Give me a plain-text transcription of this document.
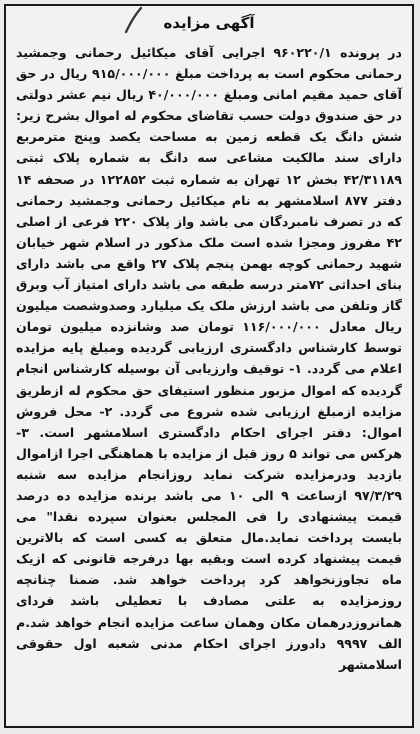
آگهی مزایده

در پرونده ۹۶۰۲۲۰/۱ اجرایی آقای میکائیل رحمانی وجمشید رحمانی محکوم است به پرداخت مبلغ ۹۱۵/۰۰۰/۰۰۰ ریال در حق آقای حمید مقیم امانی ومبلغ ۴۰/۰۰۰/۰۰۰ ریال نیم عشر دولتی در حق صندوق دولت حسب تقاضای محکوم له اموال بشرح زیر: شش دانگ یک قطعه زمین به مساحت یکصد وپنج مترمربع دارای سند مالکیت مشاعی سه دانگ به شماره پلاک ثبتی ۴۲/۳۱۱۸۹ بخش ۱۲ تهران به شماره ثبت ۱۲۲۸۵۲ در صحفه ۱۴ دفتر ۸۷۷ اسلامشهر به نام میکائیل رحمانی وجمشید رحمانی که در تصرف نامبردگان می باشد واز پلاک ۲۲۰ فرعی از اصلی ۴۲ مفروز ومجزا شده است ملک مذکور در اسلام شهر خیابان شهید رحمانی کوچه بهمن پنجم پلاک ۲۷ واقع می باشد دارای بنای احداثی ۷۲متر درسه طبقه می باشد دارای امتیاز آب وبرق گاز وتلفن می باشد ارزش ملک یک میلیارد وصدوشصت میلیون ریال معادل ۱۱۶/۰۰۰/۰۰۰ تومان صد وشانزده میلیون تومان توسط کارشناس دادگستری ارزیابی گردیده ومبلغ پایه مزایده اعلام می گردد. ۱- توقیف وارزیابی آن بوسیله کارشناس انجام گردیده که اموال مزبور منظور استیفای حق محکوم له ازطریق مزایده ازمبلغ ارزیابی شده شروع می گردد. ۲- محل فروش اموال: دفتر اجرای احکام دادگستری اسلامشهر است. ۳- هرکس می تواند ۵ روز قبل از مزایده با هماهنگی اجرا ازاموال بازدید ودرمزایده شرکت نماید روزانجام مزایده سه شنبه ۹۷/۳/۲۹ ازساعت ۹ الی ۱۰ می باشد برنده مزایده ده درصد قیمت پیشنهادی را فی المجلس بعنوان سپرده نقدا" می بایست پرداخت نماید.مال متعلق به کسی است که بالاترین قیمت پیشنهاد کرده است وبقیه بها درفرجه قانونی که ازیک ماه تجاوزنخواهد کرد پرداخت خواهد شد. ضمنا چنانچه روزمزایده به علتی مصادف با تعطیلی باشد فردای همانروزدرهمان مکان وهمان ساعت مزایده انجام خواهد شد.م الف ۹۹۹۷ دادورز اجرای احکام مدنی شعبه اول حقوقی اسلامشهر
